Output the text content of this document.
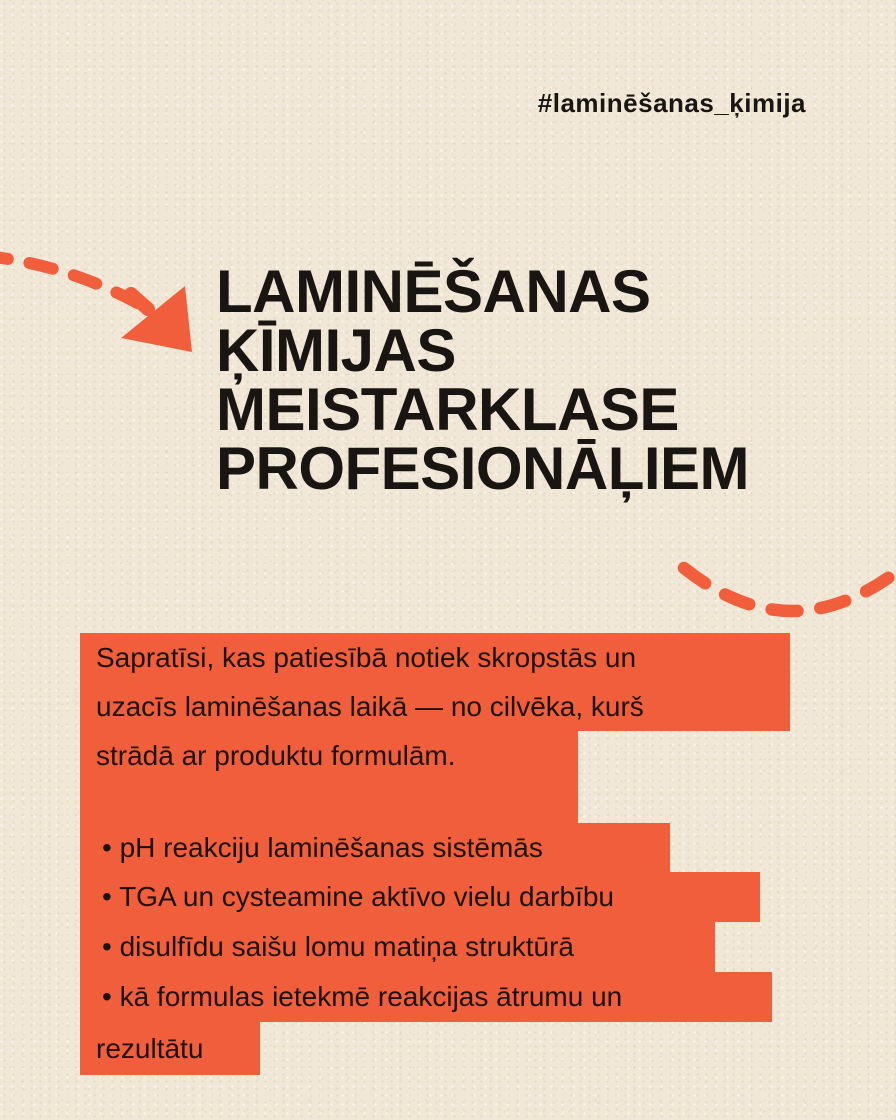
#laminēšanas_ķimija
LAMINĒŠANAS
ĶĪMIJAS
MEISTARKLASE
PROFESIONĀĻIEM
Sapratīsi, kas patiesībā notiek skropstās un
uzacīs laminēšanas laikā — no cilvēka, kurš
strādā ar produktu formulām.
• pH reakciju laminēšanas sistēmās
• TGA un cysteamine aktīvo vielu darbību
• disulfīdu saišu lomu matiņa struktūrā
• kā formulas ietekmē reakcijas ātrumu un
rezultātu
